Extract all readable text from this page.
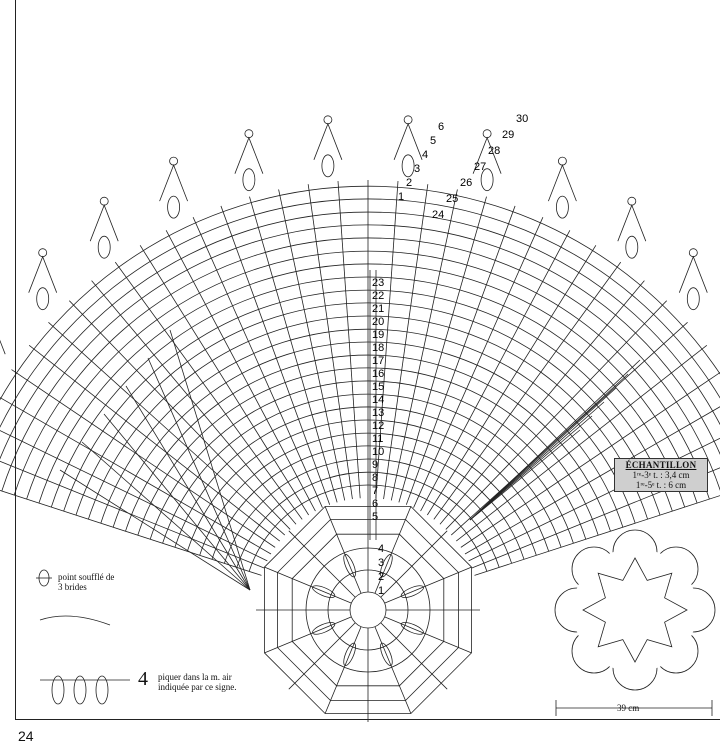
4
3
2
1
5
6
7
8
9
10
11
12
13
14
15
16
17
18
19
20
21
22
23
24
25
26
27
28
29
30
1
2
3
4
5
6
ÉCHANTILLON
1ʳᵉ-3ᵉ t. : 3,4 cm
1ʳᵉ-5ᵉ t. : 6 cm
point soufflé de
3 brides
piquer dans la m. air
indiquée par ce signe.
4
39 cm
24
